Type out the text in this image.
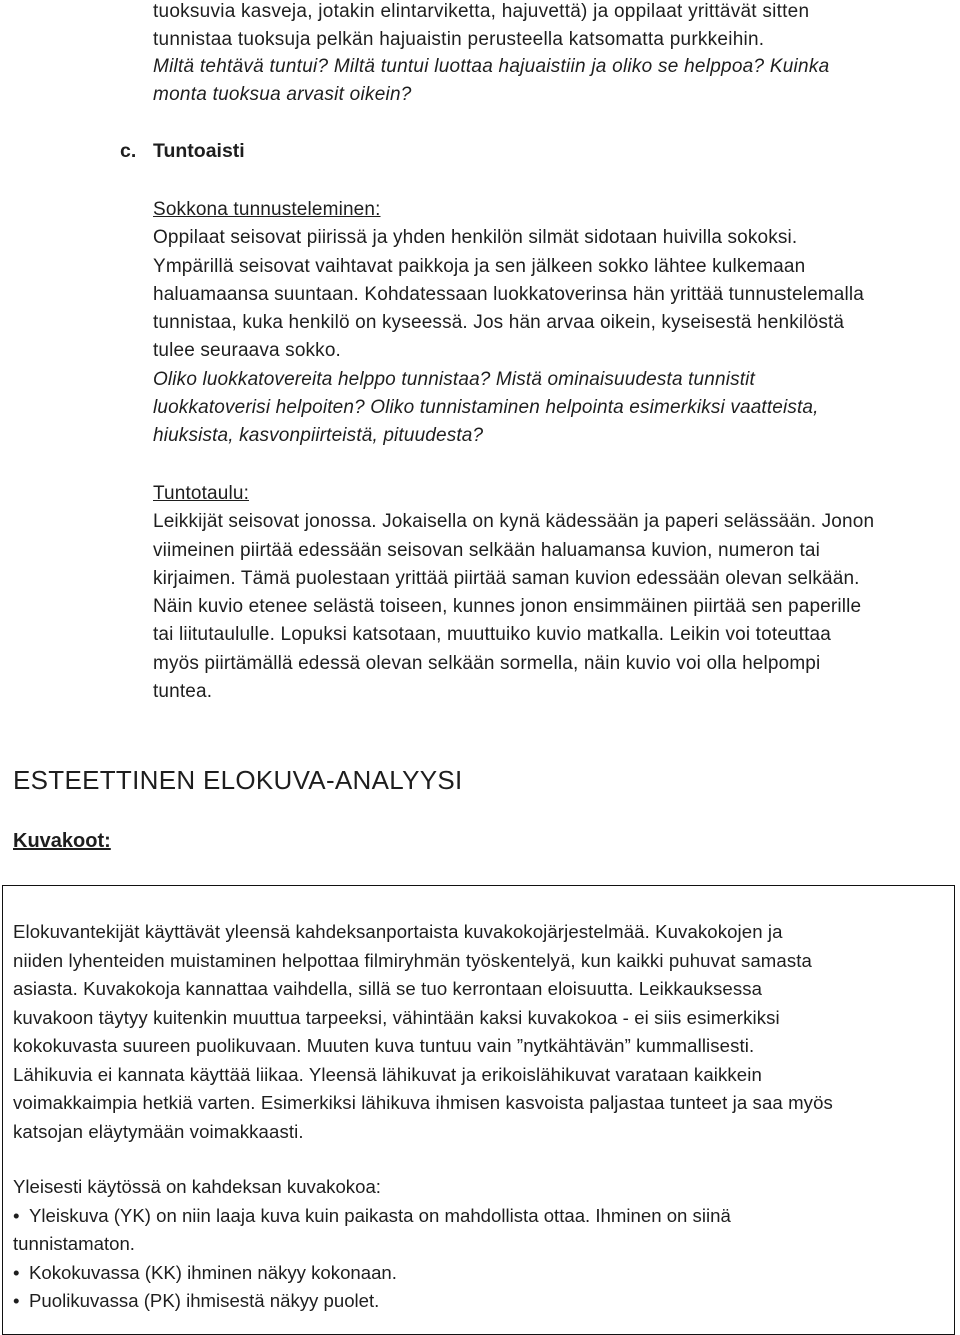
tuoksuvia kasveja, jotakin elintarviketta, hajuvettä) ja oppilaat yrittävät sitten
tunnistaa tuoksuja pelkän hajuaistin perusteella katsomatta purkkeihin.
Miltä tehtävä tuntui? Miltä tuntui luottaa hajuaistiin ja oliko se helppoa? Kuinka
monta tuoksua arvasit oikein?
c. Tuntoaisti
Sokkona tunnusteleminen:
Oppilaat seisovat piirissä ja yhden henkilön silmät sidotaan huivilla sokoksi.
Ympärillä seisovat vaihtavat paikkoja ja sen jälkeen sokko lähtee kulkemaan
haluamaansa suuntaan. Kohdatessaan luokkatoverinsa hän yrittää tunnustelemalla
tunnistaa, kuka henkilö on kyseessä. Jos hän arvaa oikein, kyseisestä henkilöstä
tulee seuraava sokko.
Oliko luokkatovereita helppo tunnistaa? Mistä ominaisuudesta tunnistit
luokkatoverisi helpoiten? Oliko tunnistaminen helpointa esimerkiksi vaatteista,
hiuksista, kasvonpiirteistä, pituudesta?
Tuntotaulu:
Leikkijät seisovat jonossa. Jokaisella on kynä kädessään ja paperi selässään. Jonon
viimeinen piirtää edessään seisovan selkään haluamansa kuvion, numeron tai
kirjaimen. Tämä puolestaan yrittää piirtää saman kuvion edessään olevan selkään.
Näin kuvio etenee selästä toiseen, kunnes jonon ensimmäinen piirtää sen paperille
tai liitutaululle. Lopuksi katsotaan, muuttuiko kuvio matkalla. Leikin voi toteuttaa
myös piirtämällä edessä olevan selkään sormella, näin kuvio voi olla helpompi
tuntea.
ESTEETTINEN ELOKUVA-ANALYYSI
Kuvakoot:
Elokuvantekijät käyttävät yleensä kahdeksanportaista kuvakokojärjestelmää. Kuvakokojen ja
niiden lyhenteiden muistaminen helpottaa filmiryhmän työskentelyä, kun kaikki puhuvat samasta
asiasta. Kuvakokoja kannattaa vaihdella, sillä se tuo kerrontaan eloisuutta. Leikkauksessa
kuvakoon täytyy kuitenkin muuttua tarpeeksi, vähintään kaksi kuvakokoa - ei siis esimerkiksi
kokokuvasta suureen puolikuvaan. Muuten kuva tuntuu vain ”nytkähtävän” kummallisesti.
Lähikuvia ei kannata käyttää liikaa. Yleensä lähikuvat ja erikoislähikuvat varataan kaikkein
voimakkaimpia hetkiä varten. Esimerkiksi lähikuva ihmisen kasvoista paljastaa tunteet ja saa myös
katsojan eläytymään voimakkaasti.
Yleisesti käytössä on kahdeksan kuvakokoa:
• Yleiskuva (YK) on niin laaja kuva kuin paikasta on mahdollista ottaa. Ihminen on siinä
tunnistamaton.
• Kokokuvassa (KK) ihminen näkyy kokonaan.
• Puolikuvassa (PK) ihmisestä näkyy puolet.
